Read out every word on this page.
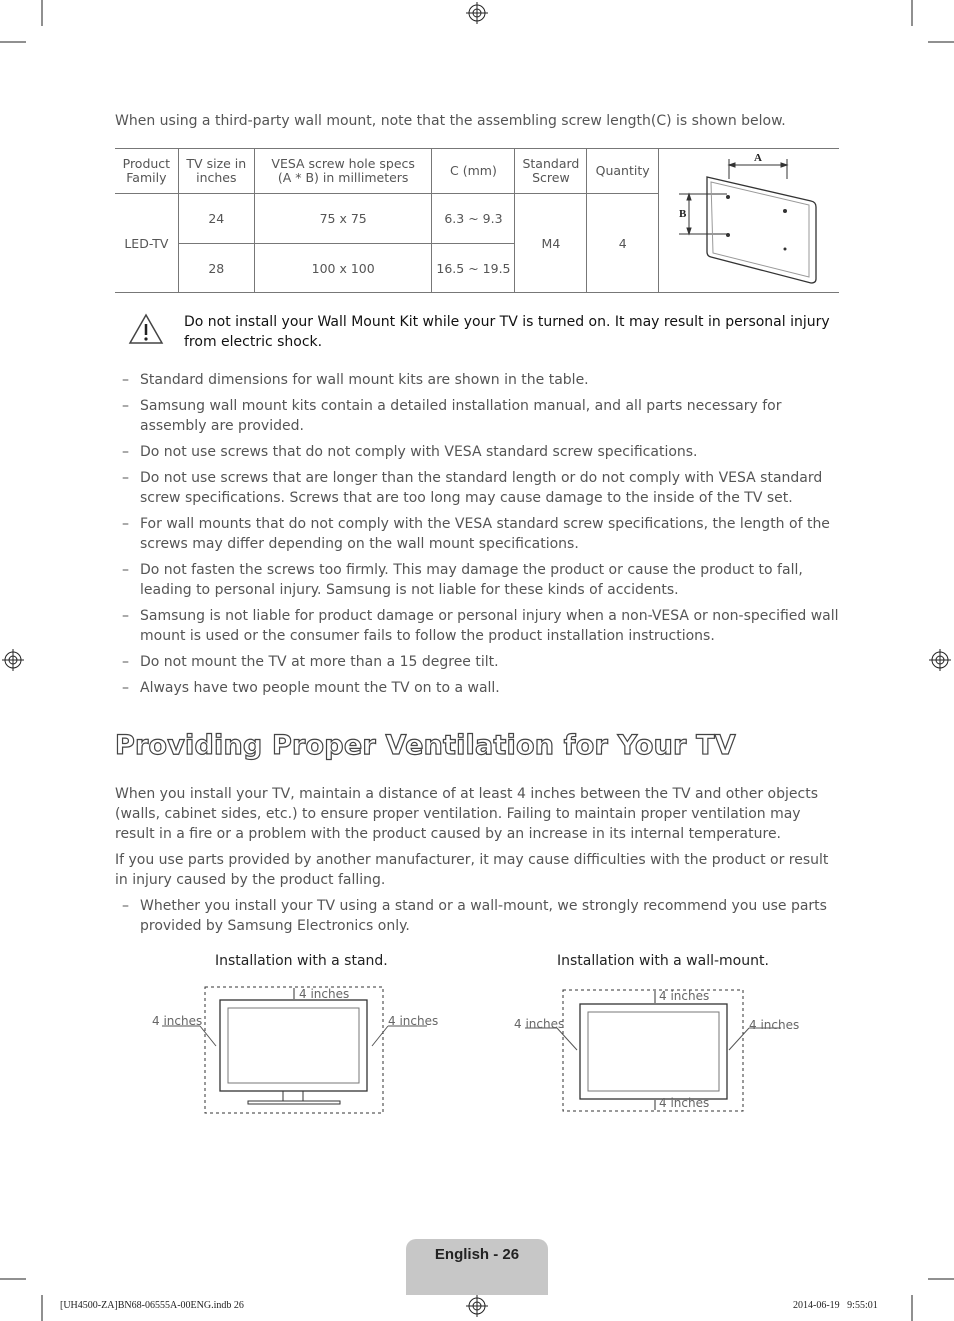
When using a third-party wall mount, note that the assembling screw length(C) is shown below.
Product Family	TV size in inches	VESA screw hole specs (A * B) in millimeters	C (mm)	Standard Screw	Quantity	A
B

LED-TV	24	75 x 75	6.3 ~ 9.3	M4	4	
	28	100 x 100	16.5 ~ 19.5			
Do not install your Wall Mount Kit while your TV is turned on. It may result in personal injury from electric shock.
– Standard dimensions for wall mount kits are shown in the table.
– Samsung wall mount kits contain a detailed installation manual, and all parts necessary for assembly are provided.
– Do not use screws that do not comply with VESA standard screw specifications.
– Do not use screws that are longer than the standard length or do not comply with VESA standard screw specifications. Screws that are too long may cause damage to the inside of the TV set.
– For wall mounts that do not comply with the VESA standard screw specifications, the length of the screws may differ depending on the wall mount specifications.
– Do not fasten the screws too firmly. This may damage the product or cause the product to fall, leading to personal injury. Samsung is not liable for these kinds of accidents.
– Samsung is not liable for product damage or personal injury when a non-VESA or non-specified wall mount is used or the consumer fails to follow the product installation instructions.
– Do not mount the TV at more than a 15 degree tilt.
– Always have two people mount the TV on to a wall.
Providing Proper Ventilation for Your TV
When you install your TV, maintain a distance of at least 4 inches between the TV and other objects (walls, cabinet sides, etc.) to ensure proper ventilation. Failing to maintain proper ventilation may result in a fire or a problem with the product caused by an increase in its internal temperature.
If you use parts provided by another manufacturer, it may cause difficulties with the product or result in injury caused by the product falling.
– Whether you install your TV using a stand or a wall-mount, we strongly recommend you use parts provided by Samsung Electronics only.
Installation with a stand.	Installation with a wall-mount.
4 inches
4 inches	4 inches
4 inches
4 inches
4 inches	4 inches
English - 26
[UH4500-ZA]BN68-06555A-00ENG.indb 26	2014-06-19   9:55:01
